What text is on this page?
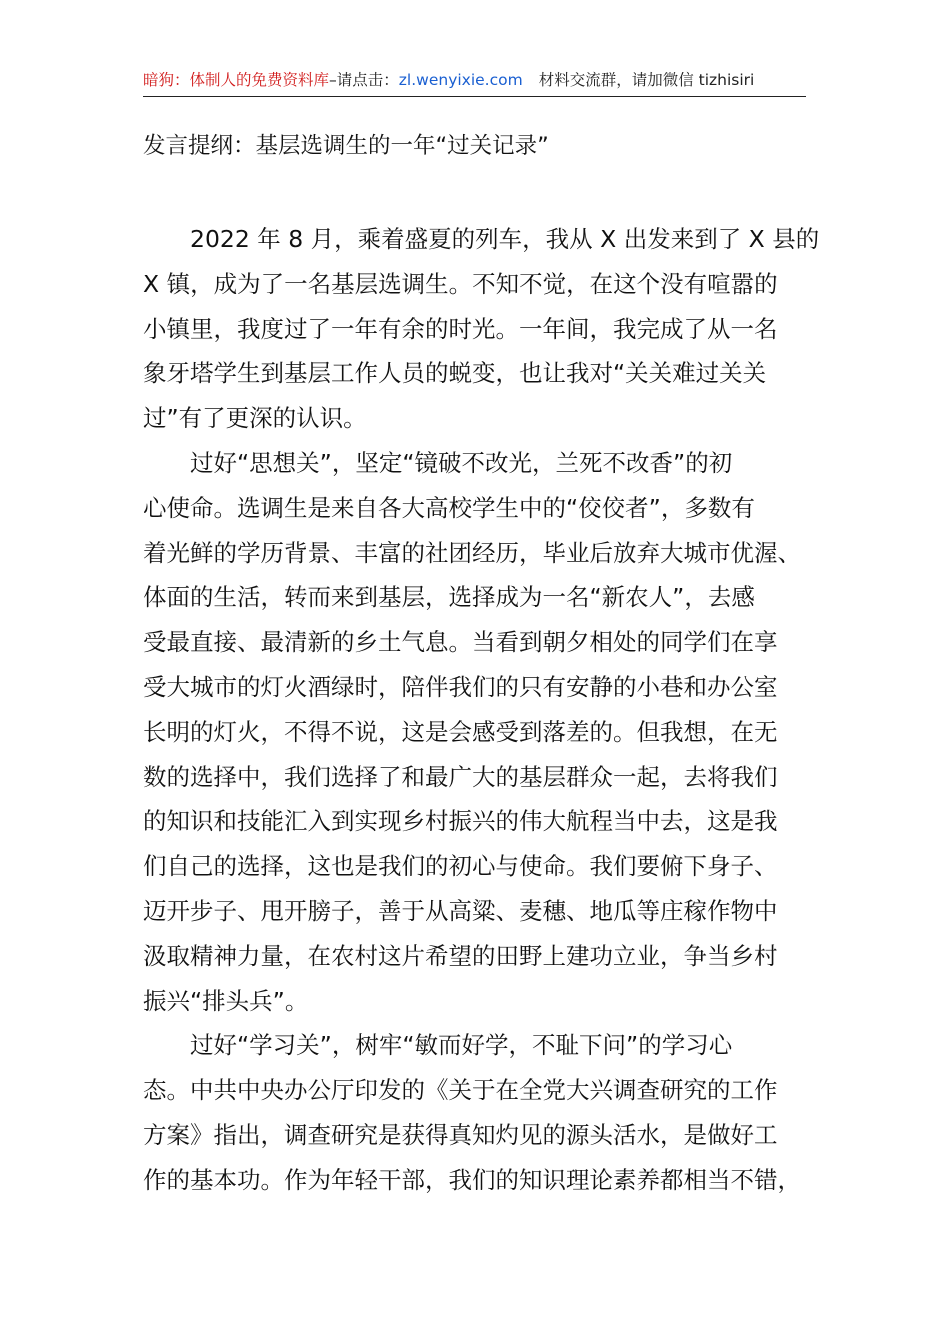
暗狗：体制人的免费资料库–请点击：zl.wenyixie.com 材料交流群，请加微信 tizhisiri
发言提纲：基层选调生的一年“过关记录”
2022 年 8 月，乘着盛夏的列车，我从 X 出发来到了 X 县的
X 镇，成为了一名基层选调生。不知不觉，在这个没有喧嚣的
小镇里，我度过了一年有余的时光。一年间，我完成了从一名
象牙塔学生到基层工作人员的蜕变，也让我对“关关难过关关
过”有了更深的认识。
过好“思想关”，坚定“镜破不改光，兰死不改香”的初
心使命。选调生是来自各大高校学生中的“佼佼者”，多数有
着光鲜的学历背景、丰富的社团经历，毕业后放弃大城市优渥、
体面的生活，转而来到基层，选择成为一名“新农人”，去感
受最直接、最清新的乡土气息。当看到朝夕相处的同学们在享
受大城市的灯火酒绿时，陪伴我们的只有安静的小巷和办公室
长明的灯火，不得不说，这是会感受到落差的。但我想，在无
数的选择中，我们选择了和最广大的基层群众一起，去将我们
的知识和技能汇入到实现乡村振兴的伟大航程当中去，这是我
们自己的选择，这也是我们的初心与使命。我们要俯下身子、
迈开步子、甩开膀子，善于从高粱、麦穗、地瓜等庄稼作物中
汲取精神力量，在农村这片希望的田野上建功立业，争当乡村
振兴“排头兵”。
过好“学习关”，树牢“敏而好学，不耻下问”的学习心
态。中共中央办公厅印发的《关于在全党大兴调查研究的工作
方案》指出，调查研究是获得真知灼见的源头活水，是做好工
作的基本功。作为年轻干部，我们的知识理论素养都相当不错，
